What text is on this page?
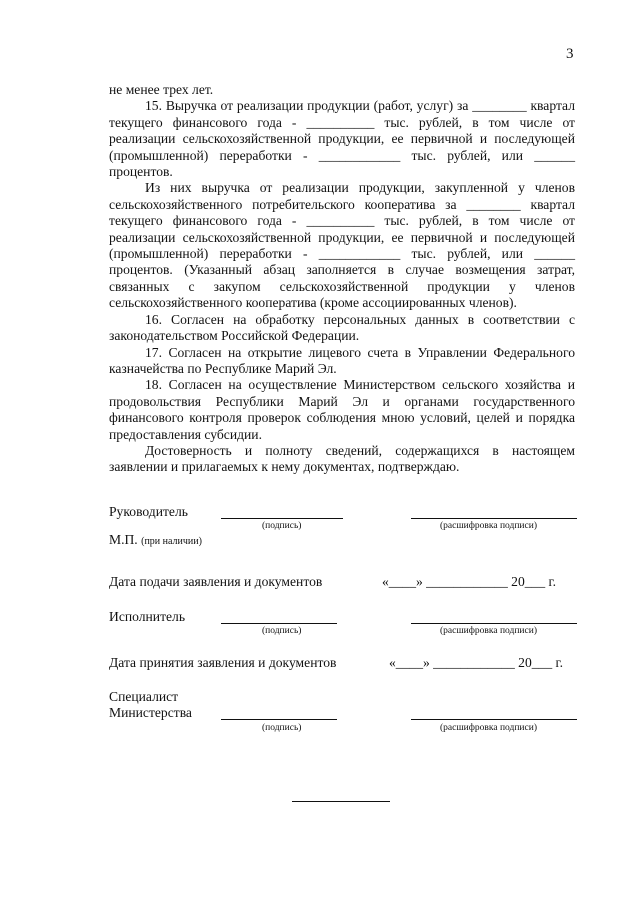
3

не менее трех лет.

15. Выручка от реализации продукции (работ, услуг) за ________ квартал текущего финансового года - __________ тыс. рублей, в том числе от реализации сельскохозяйственной продукции, ее первичной и последующей (промышленной) переработки - ____________ тыс. рублей, или ______ процентов.

Из них выручка от реализации продукции, закупленной у членов сельскохозяйственного потребительского кооператива за ________ квартал текущего финансового года - __________ тыс. рублей, в том числе от реализации сельскохозяйственной продукции, ее первичной и последующей (промышленной) переработки - ____________ тыс. рублей, или ______ процентов. (Указанный абзац заполняется в случае возмещения затрат, связанных с закупом сельскохозяйственной продукции у членов сельскохозяйственного кооператива (кроме ассоциированных членов).

16. Согласен на обработку персональных данных в соответствии с законодательством Российской Федерации.

17. Согласен на открытие лицевого счета в Управлении Федерального казначейства по Республике Марий Эл.

18. Согласен на осуществление Министерством сельского хозяйства и продовольствия Республики Марий Эл и органами государственного финансового контроля проверок соблюдения мною условий, целей и порядка предоставления субсидии.

Достоверность и полноту сведений, содержащихся в настоящем заявлении и прилагаемых к нему документах, подтверждаю.

Руководитель
(подпись)	(расшифровка подписи)
М.П. (при наличии)
Дата подачи заявления и документов	«____» ____________ 20___ г.
Исполнитель
(подпись)	(расшифровка подписи)
Дата принятия заявления и документов	«____» ____________ 20___ г.
Специалист
Министерства
(подпись)	(расшифровка подписи)
